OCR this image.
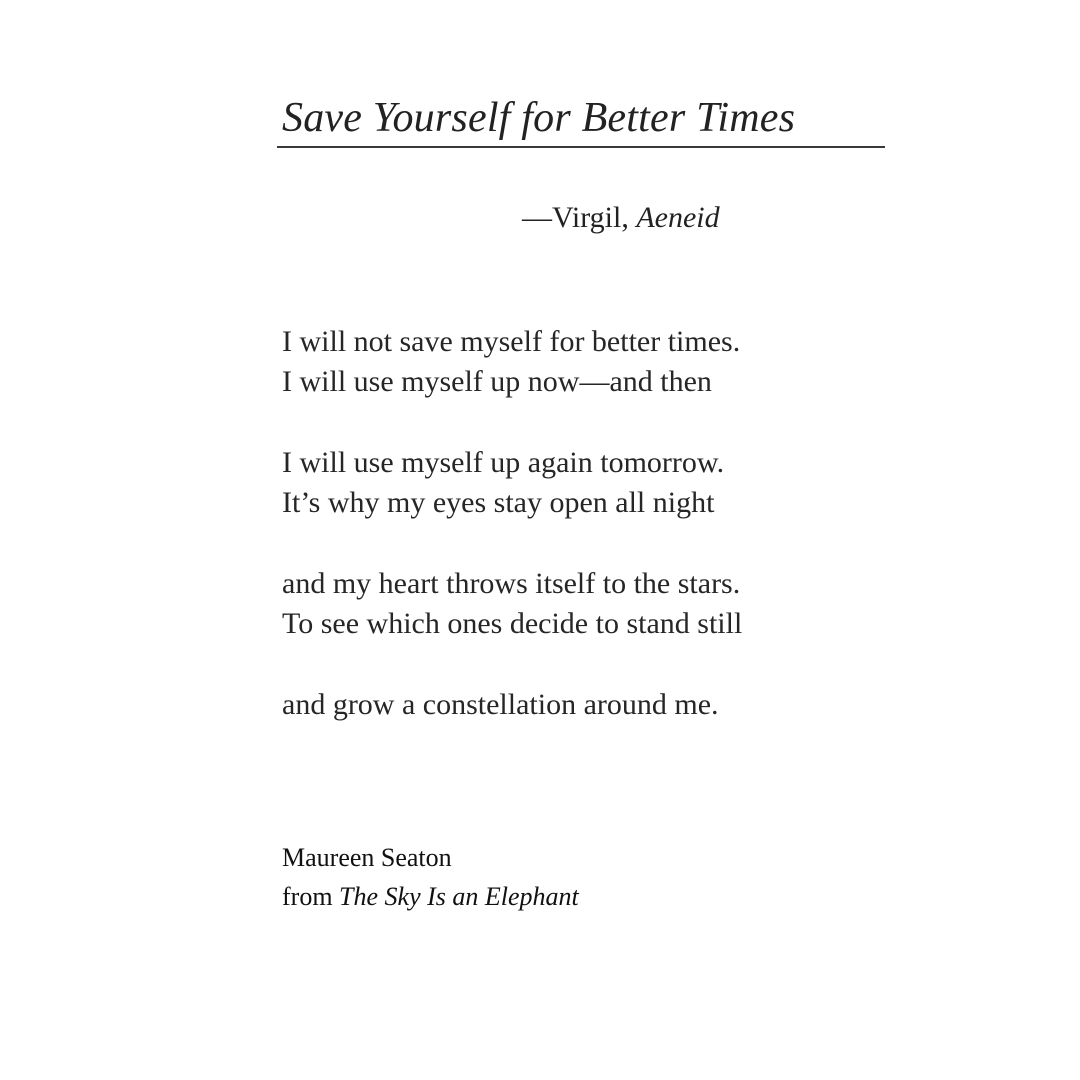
Save Yourself for Better Times
—Virgil, Aeneid
I will not save myself for better times.
I will use myself up now—and then
I will use myself up again tomorrow.
It’s why my eyes stay open all night
and my heart throws itself to the stars.
To see which ones decide to stand still
and grow a constellation around me.
Maureen Seaton
from The Sky Is an Elephant
